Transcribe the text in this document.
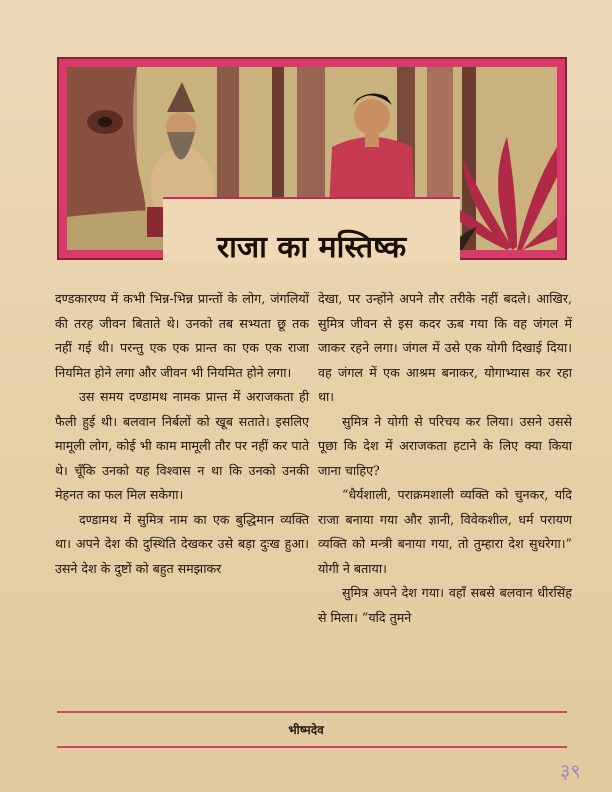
राजा का मस्तिष्क

दण्डकारण्य में कभी भिन्न-भिन्न प्रान्तों के लोग, जंगलियों की तरह जीवन बिताते थे। उनको तब सभ्यता छू तक नहीं गई थी। परन्तु एक एक प्रान्त का एक एक राजा नियमित होने लगा और जीवन भी नियमित होने लगा।

उस समय दण्डामथ नामक प्रान्त में अराजकता ही फैली हुई थी। बलवान निर्बलों को खूब सताते। इसलिए मामूली लोग, कोई भी काम मामूली तौर पर नहीं कर पाते थे। चूँकि उनको यह विश्वास न था कि उनको उनकी मेहनत का फल मिल सकेगा।

दण्डामथ में सुमित्र नाम का एक बुद्धिमान व्यक्ति था। अपने देश की दुस्थिति देखकर उसे बड़ा दुःख हुआ। उसने देश के दुष्टों को बहुत समझाकर

देखा, पर उन्होंने अपने तौर तरीके नहीं बदले। आखिर, सुमित्र जीवन से इस कदर ऊब गया कि वह जंगल में जाकर रहने लगा। जंगल में उसे एक योगी दिखाई दिया। वह जंगल में एक आश्रम बनाकर, योगाभ्यास कर रहा था।

सुमित्र ने योगी से परिचय कर लिया। उसने उससे पूछा कि देश में अराजकता हटाने के लिए क्या किया जाना चाहिए?

“धैर्यशाली, पराक्रमशाली व्यक्ति को चुनकर, यदि राजा बनाया गया और ज्ञानी, विवेकशील, धर्म परायण व्यक्ति को मन्त्री बनाया गया, तो तुम्हारा देश सुधरेगा।” योगी ने बताया।

सुमित्र अपने देश गया। वहाँ सबसे बलवान धीरसिंह से मिला। “यदि तुमने

भीष्मदेव
३९
